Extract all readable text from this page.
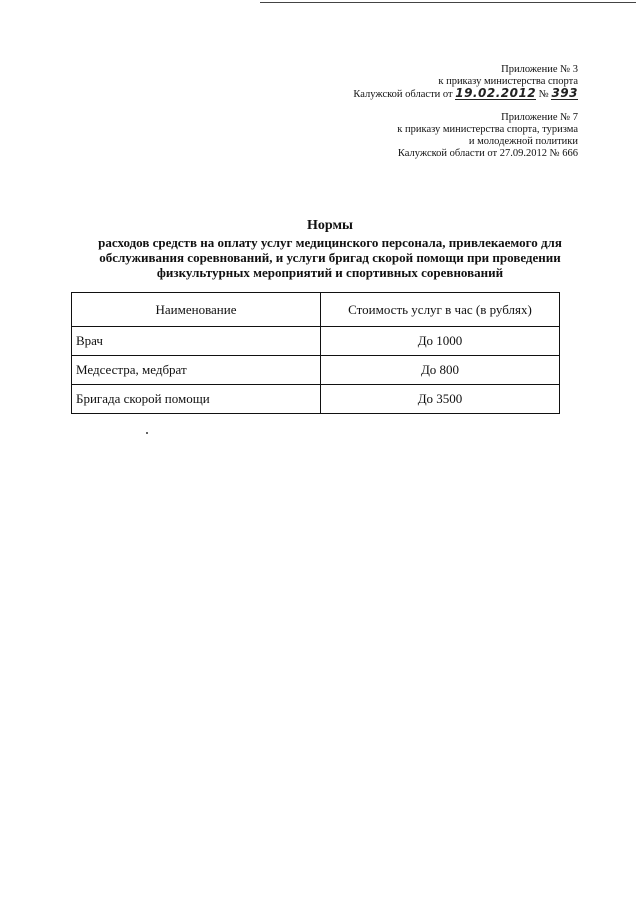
Приложение № 3
к приказу министерства спорта
Калужской области от 19.02.2012 № 393
Приложение № 7
к приказу министерства спорта, туризма
и молодежной политики
Калужской области от 27.09.2012 № 666
Нормы
расходов средств на оплату услуг медицинского персонала, привлекаемого для обслуживания соревнований, и услуги бригад скорой помощи при проведении физкультурных мероприятий и спортивных соревнований
Наименование	Стоимость услуг в час (в рублях)
Врач	До 1000
Медсестра, медбрат	До 800
Бригада скорой помощи	До 3500
